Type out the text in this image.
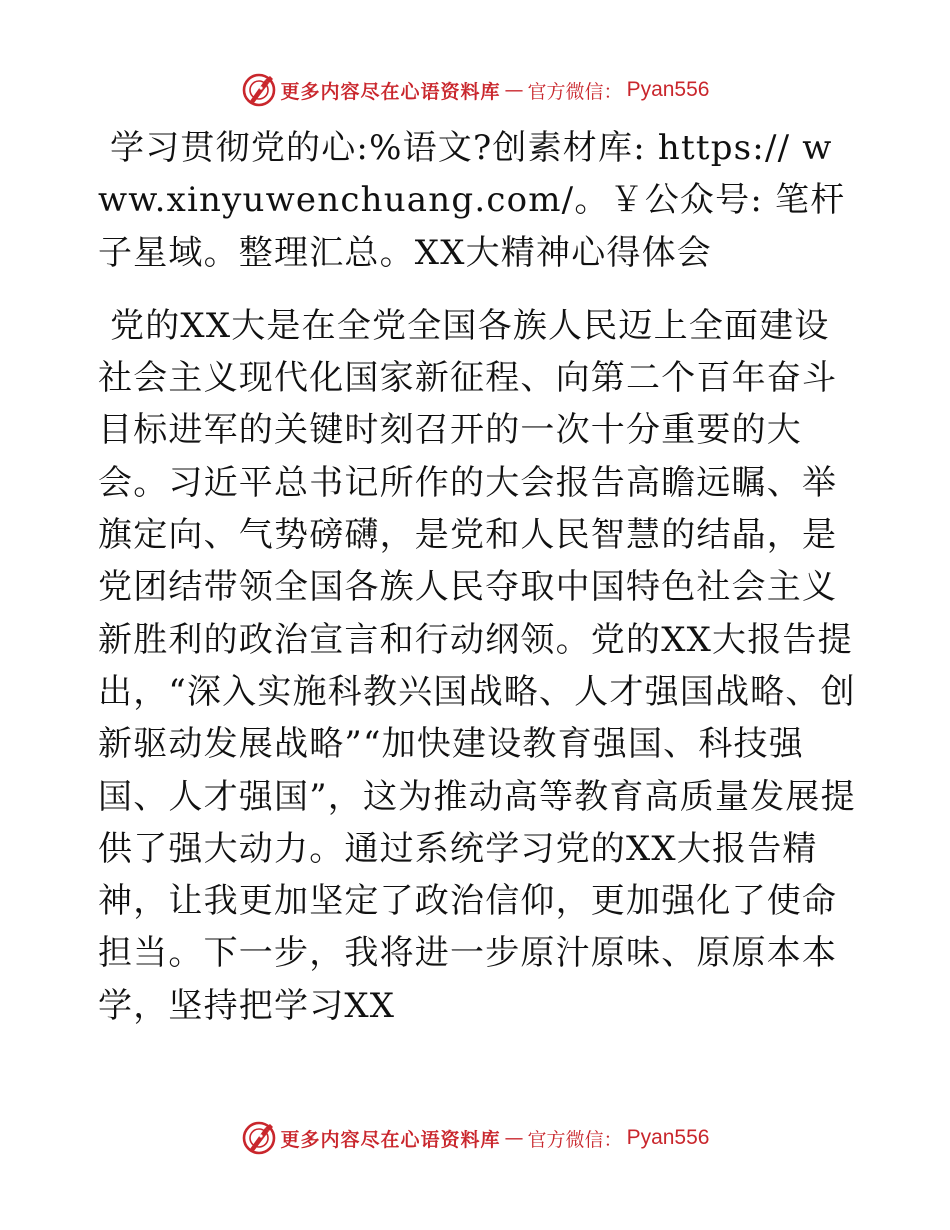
更多内容尽在心语资料库 — 官方微信： Pyan556

学习贯彻党的心:%语文?创素材库: https:// www.xinyuwenchuang.com/。￥公众号: 笔杆子星域。整理汇总。XX大精神心得体会

党的XX大是在全党全国各族人民迈上全面建设社会主义现代化国家新征程、向第二个百年奋斗目标进军的关键时刻召开的一次十分重要的大会。习近平总书记所作的大会报告高瞻远瞩、举旗定向、气势磅礴，是党和人民智慧的结晶，是党团结带领全国各族人民夺取中国特色社会主义新胜利的政治宣言和行动纲领。党的XX大报告提出，“深入实施科教兴国战略、人才强国战略、创新驱动发展战略”“加快建设教育强国、科技强国、人才强国”，这为推动高等教育高质量发展提供了强大动力。通过系统学习党的XX大报告精神，让我更加坚定了政治信仰，更加强化了使命担当。下一步，我将进一步原汁原味、原原本本学，坚持把学习XX

更多内容尽在心语资料库 — 官方微信： Pyan556
